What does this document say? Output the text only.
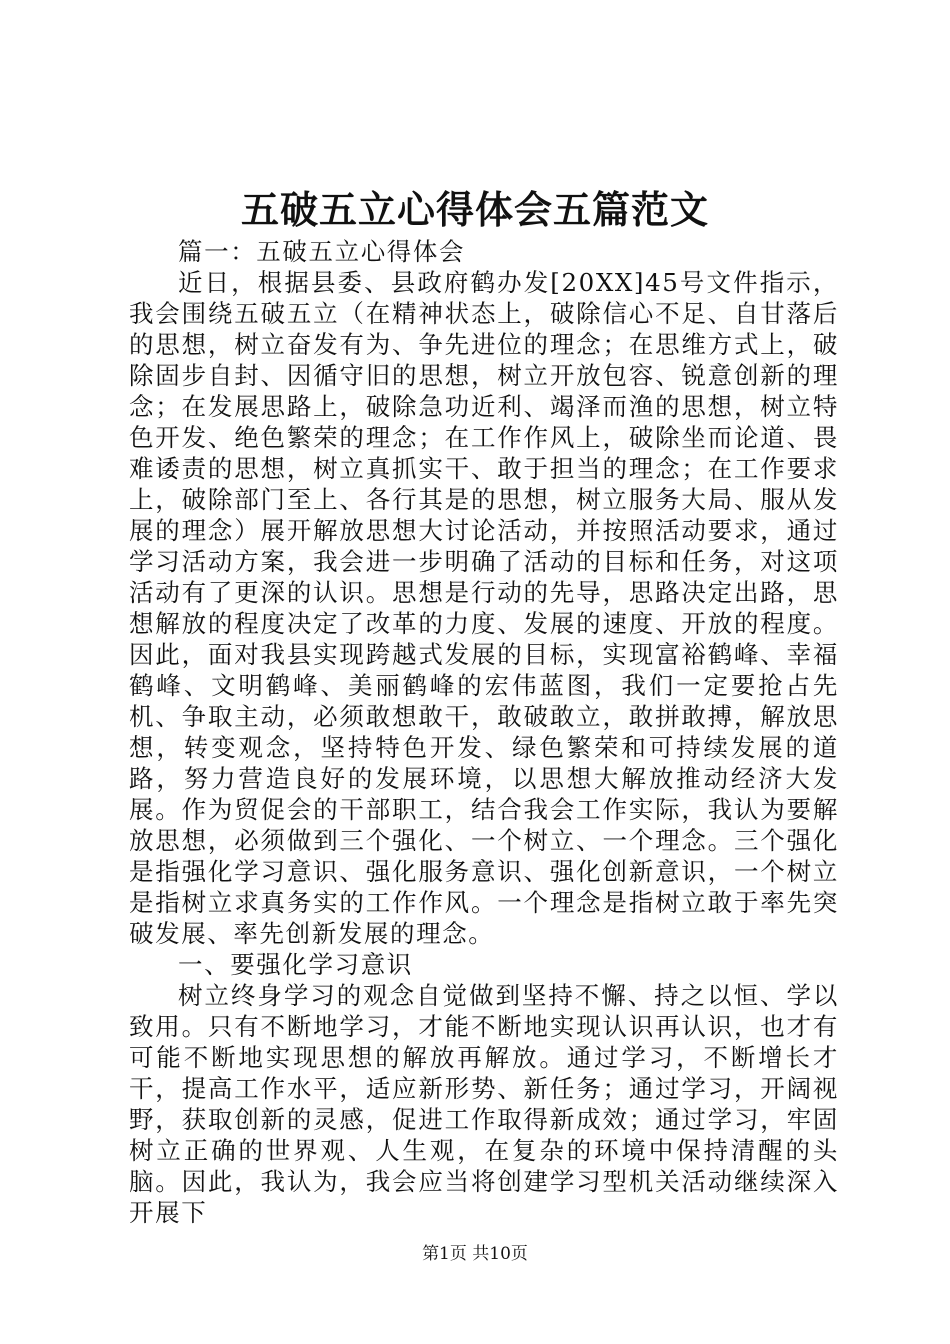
五破五立心得体会五篇范文

篇一：五破五立心得体会

近日，根据县委、县政府鹤办发[20XX]45号文件指示，我会围绕五破五立（在精神状态上，破除信心不足、自甘落后的思想，树立奋发有为、争先进位的理念；在思维方式上，破除固步自封、因循守旧的思想，树立开放包容、锐意创新的理念；在发展思路上，破除急功近利、竭泽而渔的思想，树立特色开发、绝色繁荣的理念；在工作作风上，破除坐而论道、畏难诿责的思想，树立真抓实干、敢于担当的理念；在工作要求上，破除部门至上、各行其是的思想，树立服务大局、服从发展的理念）展开解放思想大讨论活动，并按照活动要求，通过学习活动方案，我会进一步明确了活动的目标和任务，对这项活动有了更深的认识。思想是行动的先导，思路决定出路，思想解放的程度决定了改革的力度、发展的速度、开放的程度。因此，面对我县实现跨越式发展的目标，实现富裕鹤峰、幸福鹤峰、文明鹤峰、美丽鹤峰的宏伟蓝图，我们一定要抢占先机、争取主动，必须敢想敢干，敢破敢立，敢拼敢搏，解放思想，转变观念，坚持特色开发、绿色繁荣和可持续发展的道路，努力营造良好的发展环境，以思想大解放推动经济大发展。作为贸促会的干部职工，结合我会工作实际，我认为要解放思想，必须做到三个强化、一个树立、一个理念。三个强化是指强化学习意识、强化服务意识、强化创新意识，一个树立是指树立求真务实的工作作风。一个理念是指树立敢于率先突破发展、率先创新发展的理念。

一、要强化学习意识

树立终身学习的观念自觉做到坚持不懈、持之以恒、学以致用。只有不断地学习，才能不断地实现认识再认识，也才有可能不断地实现思想的解放再解放。通过学习，不断增长才干，提高工作水平，适应新形势、新任务；通过学习，开阔视野，获取创新的灵感，促进工作取得新成效；通过学习，牢固树立正确的世界观、人生观，在复杂的环境中保持清醒的头脑。因此，我认为，我会应当将创建学习型机关活动继续深入开展下

第1页 共10页
